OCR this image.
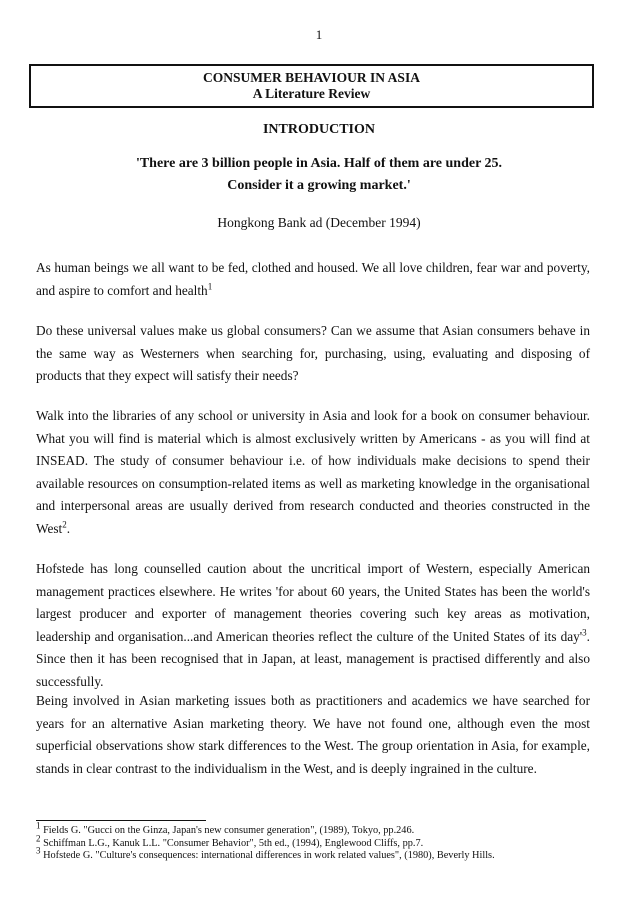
1
CONSUMER BEHAVIOUR IN ASIA
A Literature Review
INTRODUCTION
'There are 3 billion people in Asia. Half of them are under 25.
Consider it a growing market.'
Hongkong Bank ad (December 1994)

As human beings we all want to be fed, clothed and housed. We all love children, fear war and poverty, and aspire to comfort and health$^1$

Do these universal values make us global consumers? Can we assume that Asian consumers behave in the same way as Westerners when searching for, purchasing, using, evaluating and disposing of products that they expect will satisfy their needs?

Walk into the libraries of any school or university in Asia and look for a book on consumer behaviour. What you will find is material which is almost exclusively written by Americans - as you will find at INSEAD. The study of consumer behaviour i.e. of how individuals make decisions to spend their available resources on consumption-related items as well as marketing knowledge in the organisational and interpersonal areas are usually derived from research conducted and theories constructed in the West$^2$.

Hofstede has long counselled caution about the uncritical import of Western, especially American management practices elsewhere. He writes 'for about 60 years, the United States has been the world's largest producer and exporter of management theories covering such key areas as motivation, leadership and organisation...and American theories reflect the culture of the United States of its $day'^3$. Since then it has been recognised that in Japan, at least, management is practised differently and also successfully.

Being involved in Asian marketing issues both as practitioners and academics we have searched for years for an alternative Asian marketing theory. We have not found one, although even the most superficial observations show stark differences to the West. The group orientation in Asia, for example, stands in clear contrast to the individualism in the West, and is deeply ingrained in the culture.

$^1$ Fields G. "Gucci on the Ginza, Japan's new consumer generation", (1989), Tokyo, pp.246.

$^2$ Schiffman L.G., Kanuk L.L. "Consumer Behavior", 5th ed., (1994), Englewood Cliffs, pp.7.

$^3$ Hofstede G. "Culture's consequences: international differences in work related values", (1980), Beverly Hills.
